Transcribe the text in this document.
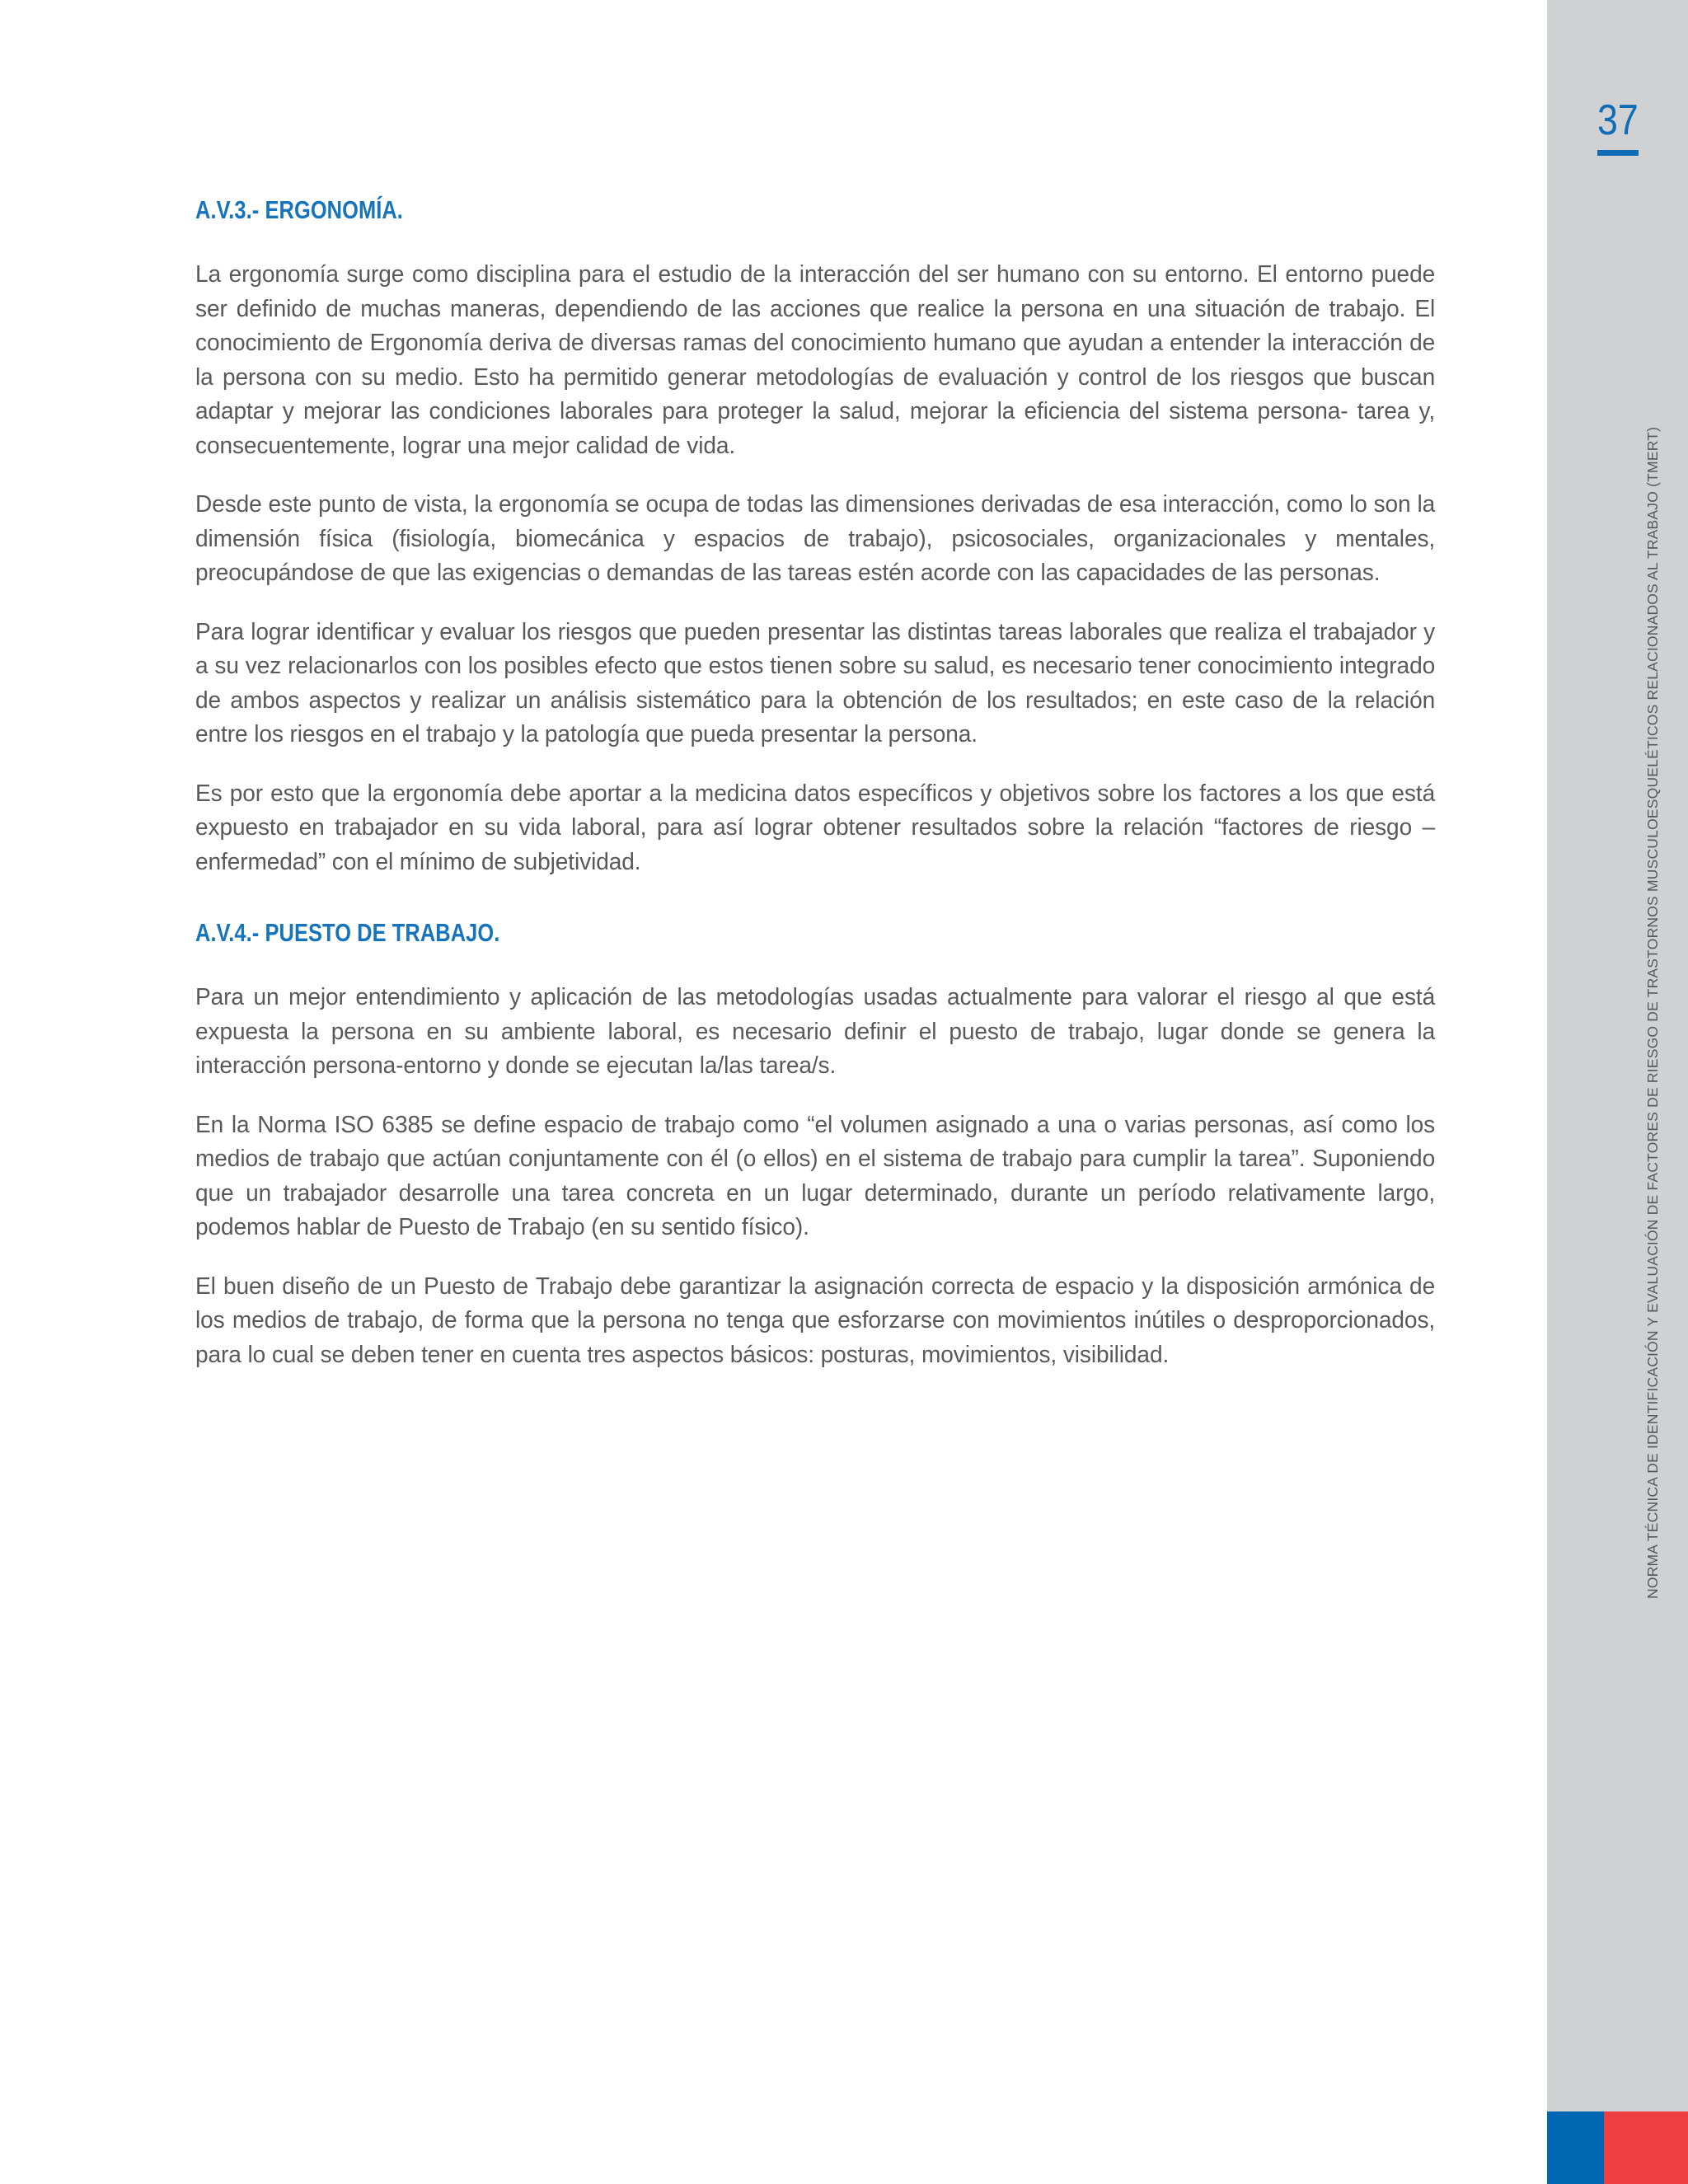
37
NORMA TÉCNICA DE IDENTIFICACIÓN Y EVALUACIÓN DE FACTORES DE RIESGO DE TRASTORNOS MUSCULOESQUELÉTICOS RELACIONADOS AL TRABAJO (TMERT)
A.V.3.- ERGONOMÍA.

La ergonomía surge como disciplina para el estudio de la interacción del ser humano con su entorno. El entorno puede ser definido de muchas maneras, dependiendo de las acciones que realice la persona en una situación de trabajo. El conocimiento de Ergonomía deriva de diversas ramas del conocimiento humano que ayudan a entender la interacción de la persona con su medio. Esto ha permitido generar metodologías de evaluación y control de los riesgos que buscan adaptar y mejorar las condiciones laborales para proteger la salud, mejorar la eficiencia del sistema persona- tarea y, consecuentemente, lograr una mejor calidad de vida.

Desde este punto de vista, la ergonomía se ocupa de todas las dimensiones derivadas de esa interacción, como lo son la dimensión física (fisiología, biomecánica y espacios de trabajo), psicosociales, organizacionales y mentales, preocupándose de que las exigencias o demandas de las tareas estén acorde con las capacidades de las personas.

Para lograr identificar y evaluar los riesgos que pueden presentar las distintas tareas laborales que realiza el trabajador y a su vez relacionarlos con los posibles efecto que estos tienen sobre su salud, es necesario tener conocimiento integrado de ambos aspectos y realizar un análisis sistemático para la obtención de los resultados; en este caso de la relación entre los riesgos en el trabajo y la patología que pueda presentar la persona.

Es por esto que la ergonomía debe aportar a la medicina datos específicos y objetivos sobre los factores a los que está expuesto en trabajador en su vida laboral, para así lograr obtener resultados sobre la relación “factores de riesgo – enfermedad” con el mínimo de subjetividad.

A.V.4.- PUESTO DE TRABAJO.

Para un mejor entendimiento y aplicación de las metodologías usadas actualmente para valorar el riesgo al que está expuesta la persona en su ambiente laboral, es necesario definir el puesto de trabajo, lugar donde se genera la interacción persona-entorno y donde se ejecutan la/las tarea/s.

En la Norma ISO 6385 se define espacio de trabajo como “el volumen asignado a una o varias personas, así como los medios de trabajo que actúan conjuntamente con él (o ellos) en el sistema de trabajo para cumplir la tarea”. Suponiendo que un trabajador desarrolle una tarea concreta en un lugar determinado, durante un período relativamente largo, podemos hablar de Puesto de Trabajo (en su sentido físico).

El buen diseño de un Puesto de Trabajo debe garantizar la asignación correcta de espacio y la disposición armónica de los medios de trabajo, de forma que la persona no tenga que esforzarse con movimientos inútiles o desproporcionados, para lo cual se deben tener en cuenta tres aspectos básicos: posturas, movimientos, visibilidad.
